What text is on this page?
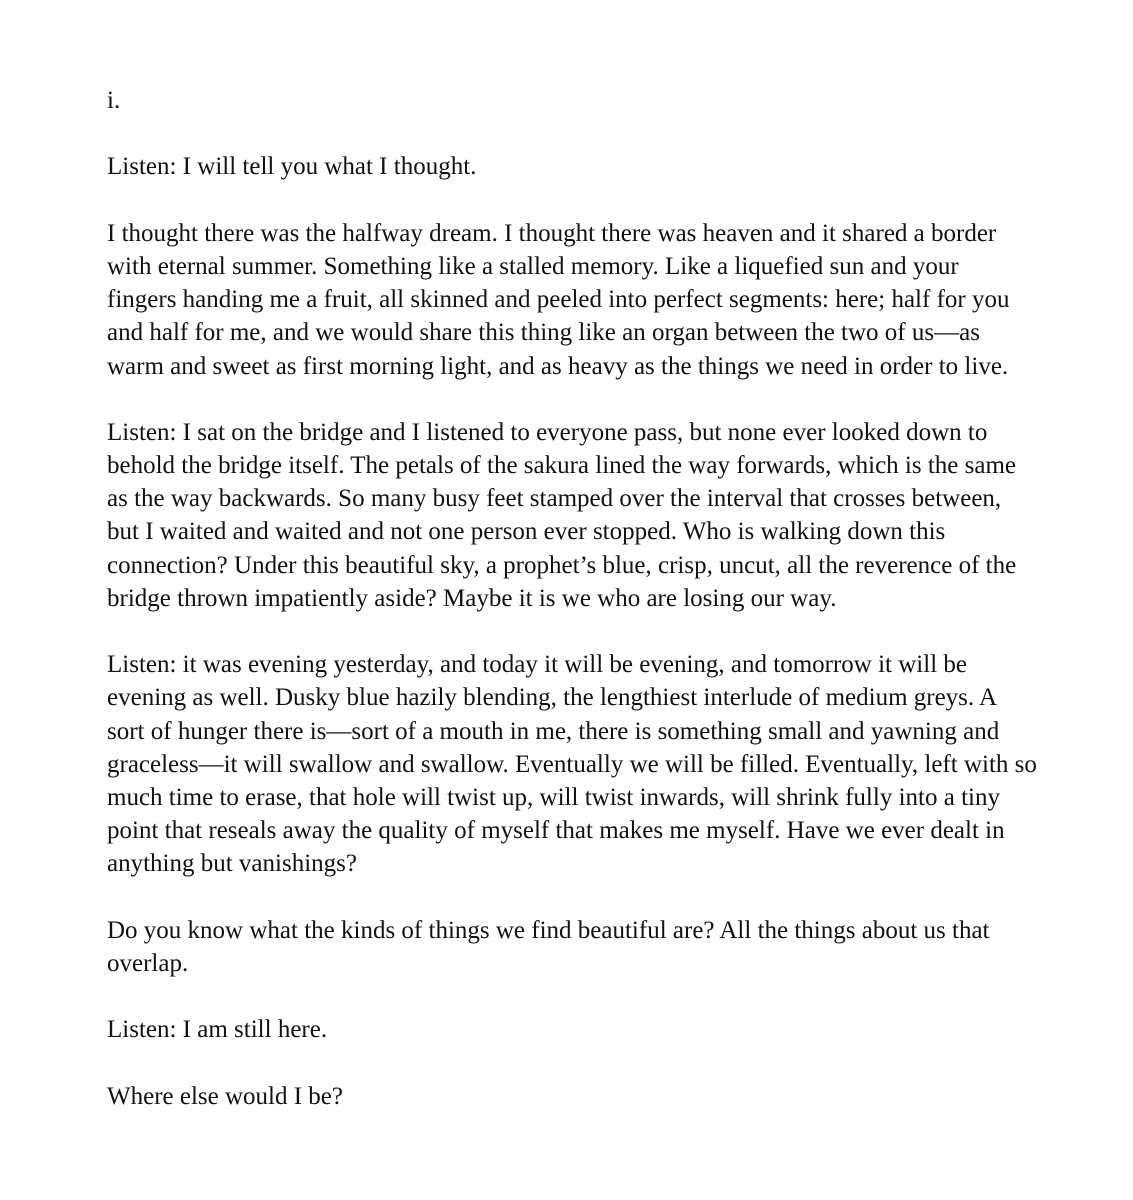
i.
Listen: I will tell you what I thought.
I thought there was the halfway dream. I thought there was heaven and it shared a border
with eternal summer. Something like a stalled memory. Like a liquefied sun and your
fingers handing me a fruit, all skinned and peeled into perfect segments: here; half for you
and half for me, and we would share this thing like an organ between the two of us—as
warm and sweet as first morning light, and as heavy as the things we need in order to live.
Listen: I sat on the bridge and I listened to everyone pass, but none ever looked down to
behold the bridge itself. The petals of the sakura lined the way forwards, which is the same
as the way backwards. So many busy feet stamped over the interval that crosses between,
but I waited and waited and not one person ever stopped. Who is walking down this
connection? Under this beautiful sky, a prophet’s blue, crisp, uncut, all the reverence of the
bridge thrown impatiently aside? Maybe it is we who are losing our way.
Listen: it was evening yesterday, and today it will be evening, and tomorrow it will be
evening as well. Dusky blue hazily blending, the lengthiest interlude of medium greys. A
sort of hunger there is—sort of a mouth in me, there is something small and yawning and
graceless—it will swallow and swallow. Eventually we will be filled. Eventually, left with so
much time to erase, that hole will twist up, will twist inwards, will shrink fully into a tiny
point that reseals away the quality of myself that makes me myself. Have we ever dealt in
anything but vanishings?
Do you know what the kinds of things we find beautiful are? All the things about us that
overlap.
Listen: I am still here.
Where else would I be?
